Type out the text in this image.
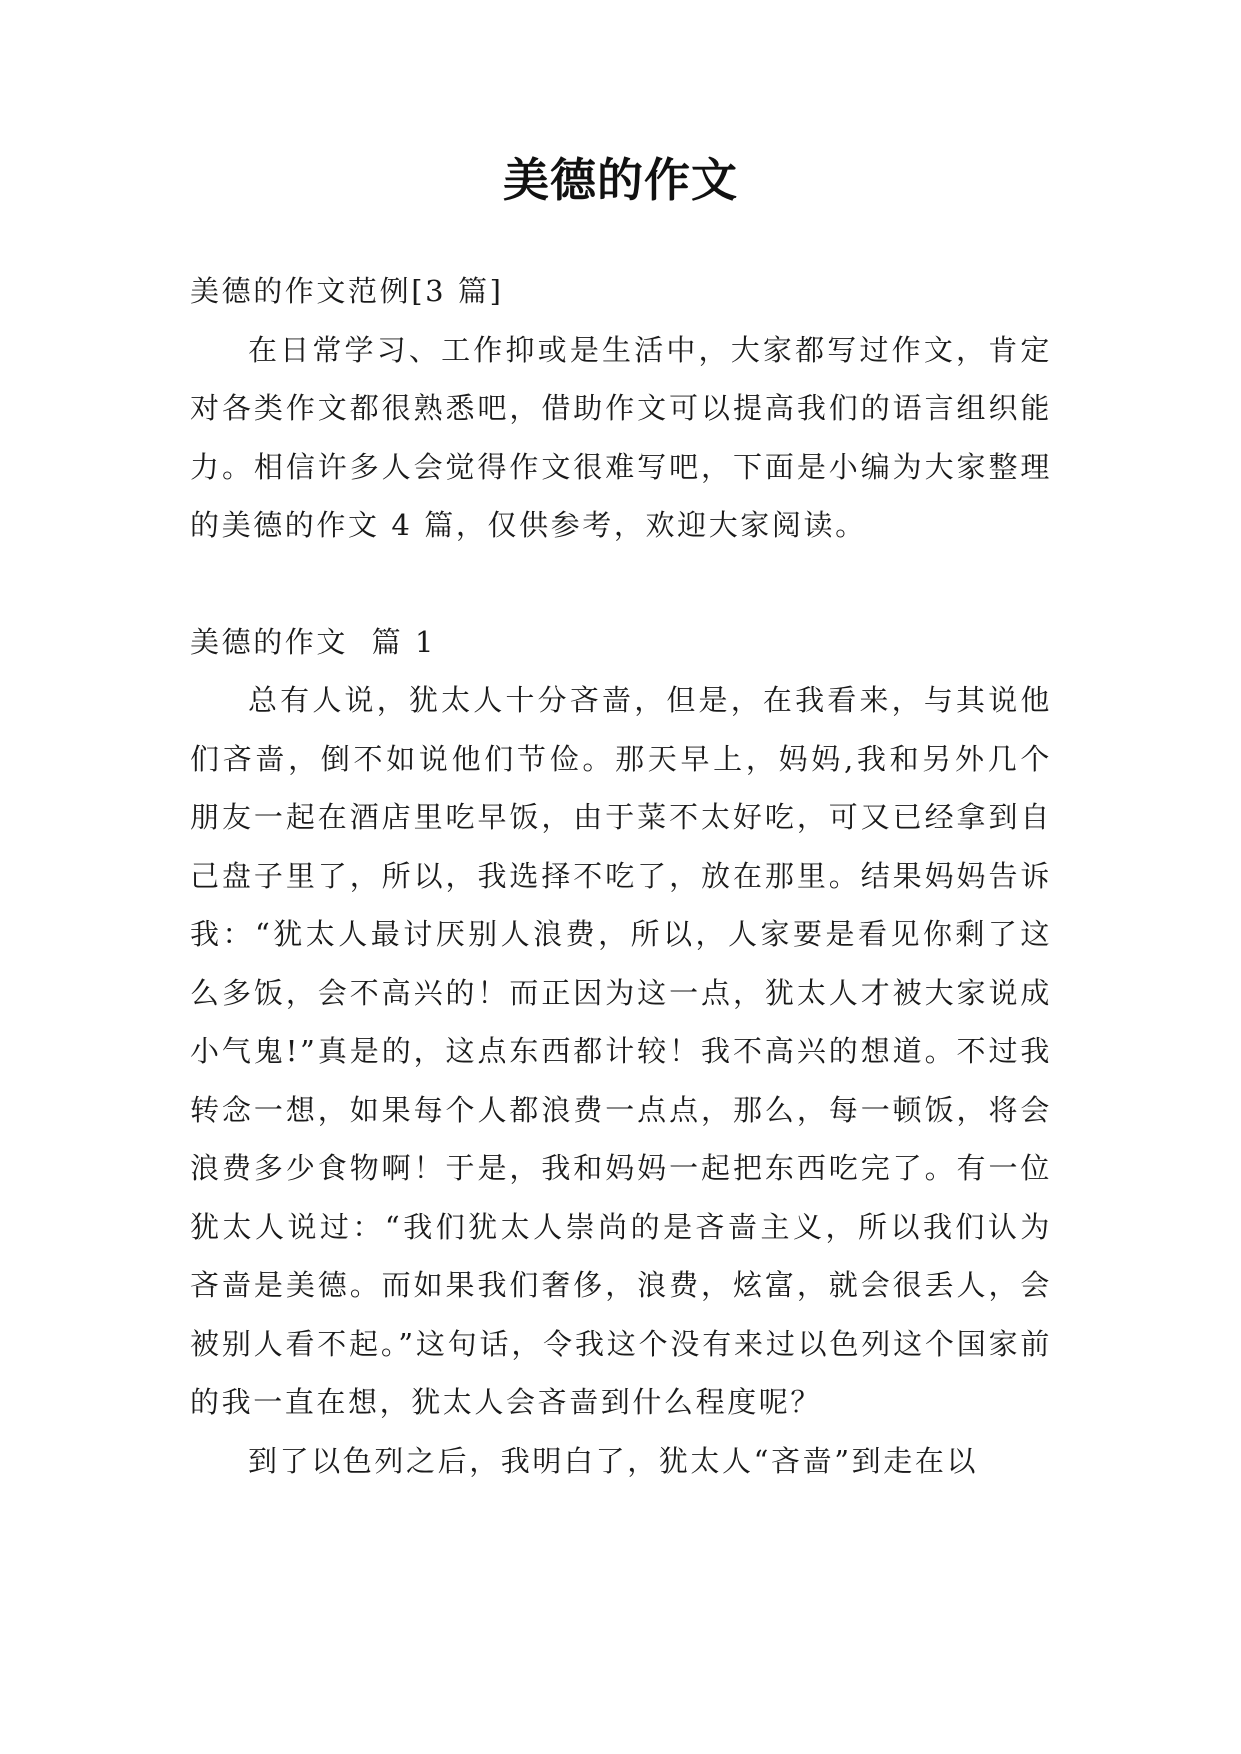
美德的作文

美德的作文范例[3 篇]

在日常学习、工作抑或是生活中，大家都写过作文，肯定对各类作文都很熟悉吧，借助作文可以提高我们的语言组织能力。相信许多人会觉得作文很难写吧，下面是小编为大家整理的美德的作文 4 篇，仅供参考，欢迎大家阅读。

美德的作文  篇 1

总有人说，犹太人十分吝啬，但是，在我看来，与其说他们吝啬，倒不如说他们节俭。那天早上，妈妈,我和另外几个朋友一起在酒店里吃早饭，由于菜不太好吃，可又已经拿到自己盘子里了，所以，我选择不吃了，放在那里。结果妈妈告诉我：“犹太人最讨厌别人浪费，所以，人家要是看见你剩了这么多饭，会不高兴的！而正因为这一点，犹太人才被大家说成小气鬼!”真是的，这点东西都计较！我不高兴的想道。不过我转念一想，如果每个人都浪费一点点，那么，每一顿饭，将会浪费多少食物啊！于是，我和妈妈一起把东西吃完了。有一位犹太人说过：“我们犹太人崇尚的是吝啬主义，所以我们认为吝啬是美德。而如果我们奢侈，浪费，炫富，就会很丢人，会被别人看不起。”这句话，令我这个没有来过以色列这个国家前的我一直在想，犹太人会吝啬到什么程度呢？

到了以色列之后，我明白了，犹太人“吝啬”到走在以
